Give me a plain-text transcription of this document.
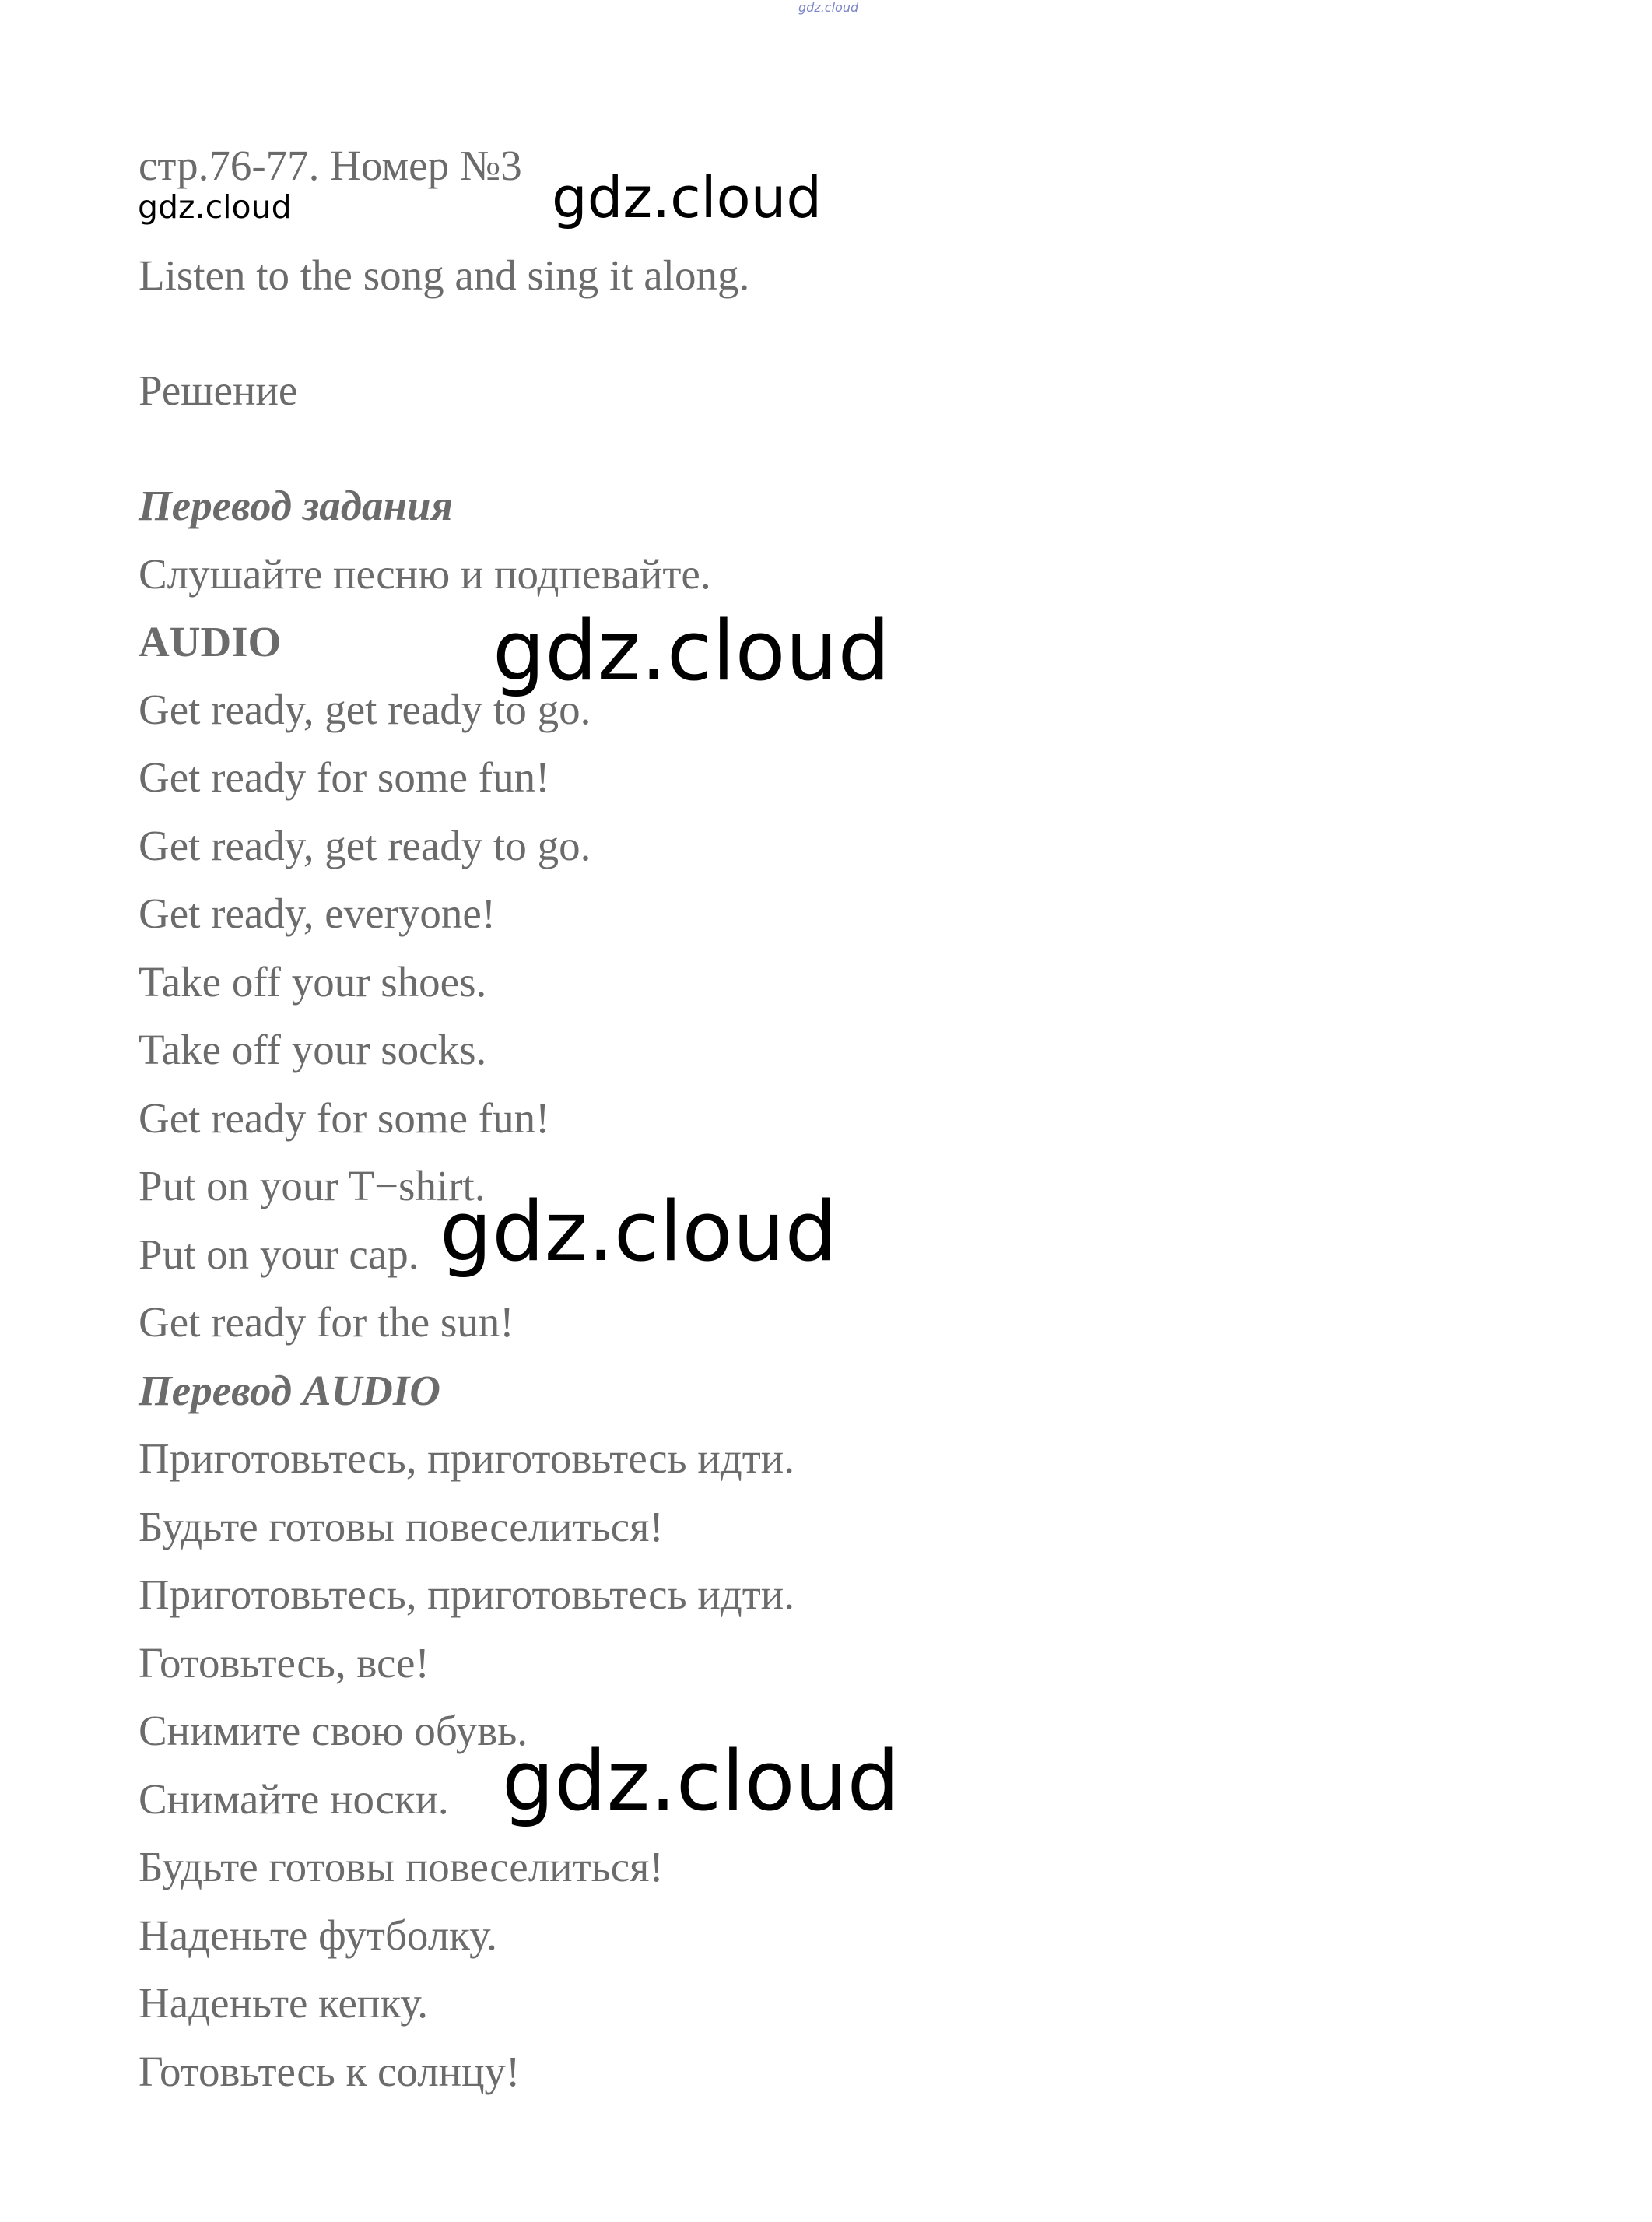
gdz.cloud
стр.76-77. Номер №3
gdz.cloud	gdz.cloud
Listen to the song and sing it along.
Решение
Перевод задания
Слушайте песню и подпевайте.
AUDIO
Get ready, get ready to go.
Get ready for some fun!
Get ready, get ready to go.
Get ready, everyone!
Take off your shoes.
Take off your socks.
Get ready for some fun!
Put on your T−shirt.
Put on your cap.
Get ready for the sun!
Перевод AUDIO
Приготовьтесь, приготовьтесь идти.
Будьте готовы повеселиться!
Приготовьтесь, приготовьтесь идти.
Готовьтесь, все!
Снимите свою обувь.
Снимайте носки.
Будьте готовы повеселиться!
Наденьте футболку.
Наденьте кепку.
Готовьтесь к солнцу!
gdz.cloud
gdz.cloud
gdz.cloud
